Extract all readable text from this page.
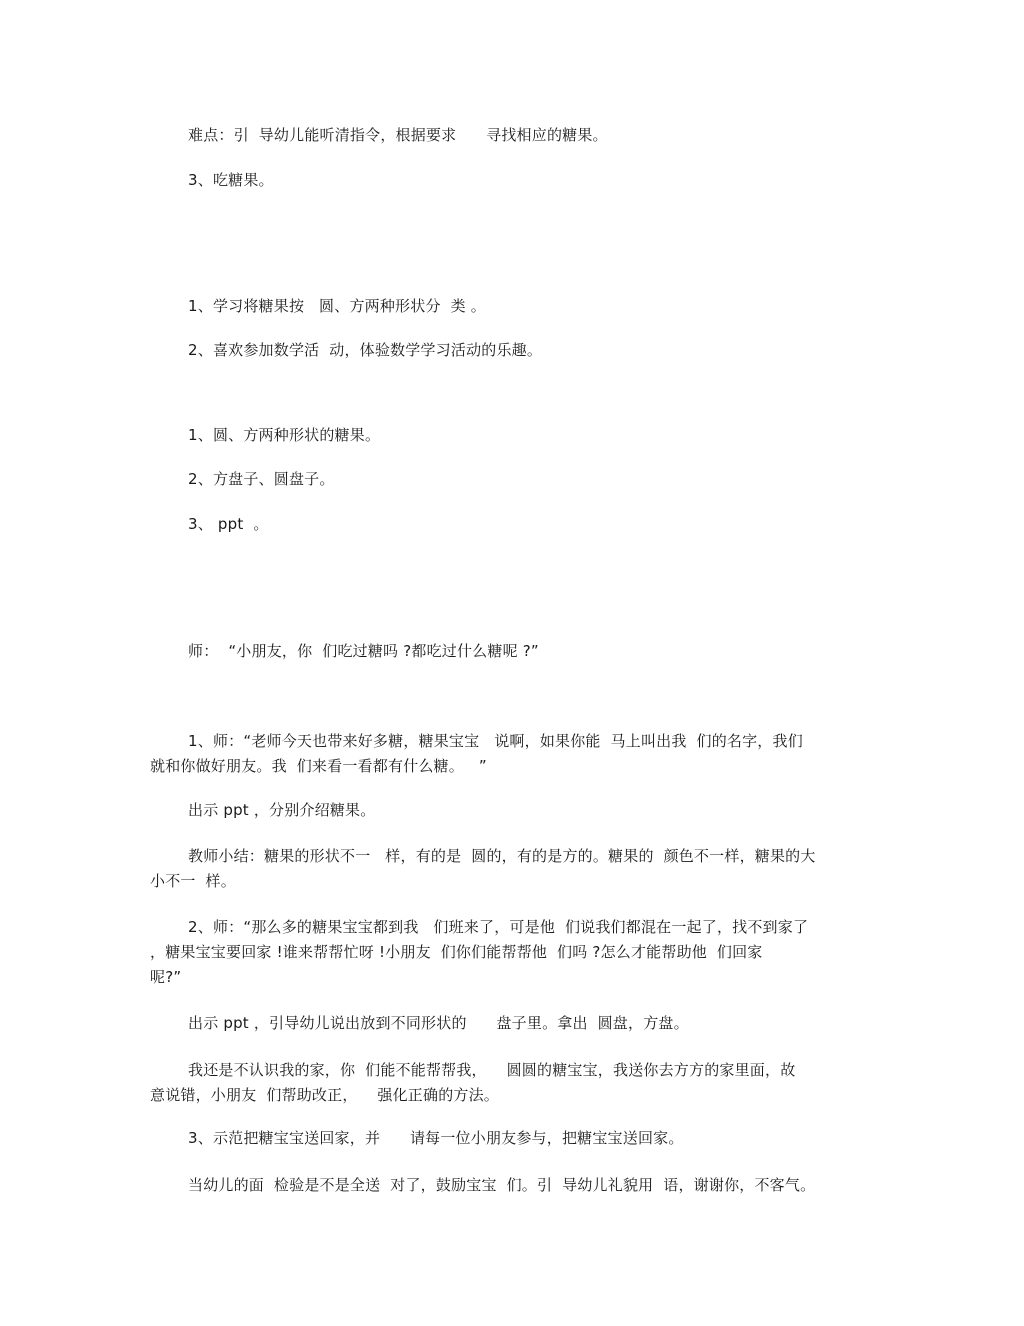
难点：引  导幼儿能听清指令，根据要求      寻找相应的糖果。
3、吃糖果。
1、学习将糖果按   圆、方两种形状分  类 。
2、喜欢参加数学活  动，体验数学学习活动的乐趣。
1、圆、方两种形状的糖果。
2、方盘子、圆盘子。
3、 ppt  。
师：  “小朋友，你  们吃过糖吗 ?都吃过什么糖呢 ?”
1、师：“老师今天也带来好多糖，糖果宝宝   说啊，如果你能  马上叫出我  们的名字，我们
就和你做好朋友。我  们来看一看都有什么糖。   ”
出示 ppt ，分别介绍糖果。
教师小结：糖果的形状不一   样，有的是  圆的，有的是方的。糖果的  颜色不一样，糖果的大
小不一  样。
2、师：“那么多的糖果宝宝都到我   们班来了，可是他  们说我们都混在一起了，找不到家了
，糖果宝宝要回家 !谁来帮帮忙呀 !小朋友  们你们能帮帮他  们吗 ?怎么才能帮助他  们回家
呢?”
出示 ppt ，引导幼儿说出放到不同形状的      盘子里。拿出  圆盘，方盘。
我还是不认识我的家，你  们能不能帮帮我，    圆圆的糖宝宝，我送你去方方的家里面，故
意说错，小朋友  们帮助改正，    强化正确的方法。
3、示范把糖宝宝送回家，并      请每一位小朋友参与，把糖宝宝送回家。
当幼儿的面  检验是不是全送  对了，鼓励宝宝  们。引  导幼儿礼貌用  语，谢谢你，不客气。
